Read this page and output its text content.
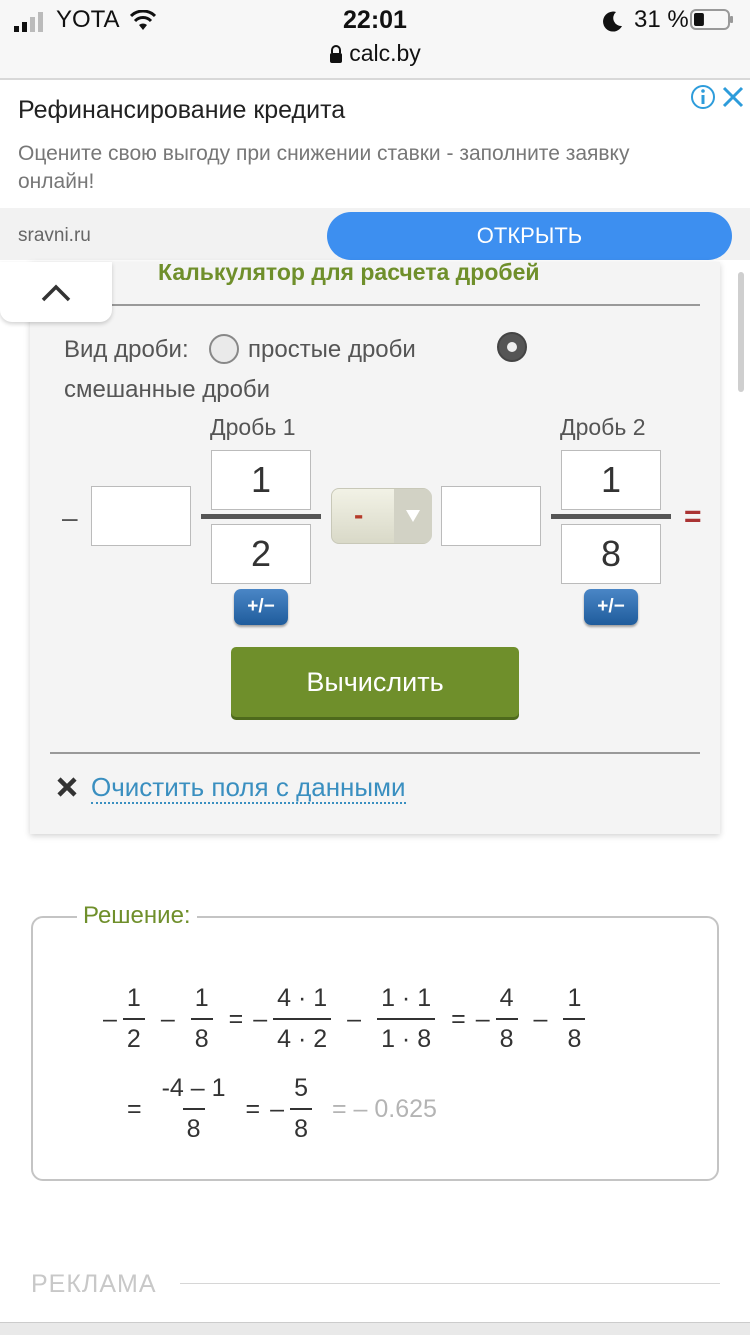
YOTA	22:01	31 %
calc.by
Рефинансирование кредита
Оцените свою выгоду при снижении ставки - заполните заявку онлайн!
sravni.ru	ОТКРЫТЬ
Калькулятор для расчета дробей
Вид дроби: простые дроби
смешанные дроби
Дробь 1	Дробь 2
–
1
2
-
1
8
=
+/−	+/−
Вычислить
Очистить поля с данными
Решение:
– $\frac{1}{2} - \frac{1}{8}$ = – $\frac{4 \cdot 1}{4 \cdot 2} - \frac{1 \cdot 1}{1 \cdot 8}$ = – $\frac{4}{8} - \frac{1}{8}$
= $\frac{-4 - 1}{8}$ = – $\frac{5}{8}$ = – 0.625
РЕКЛАМА
